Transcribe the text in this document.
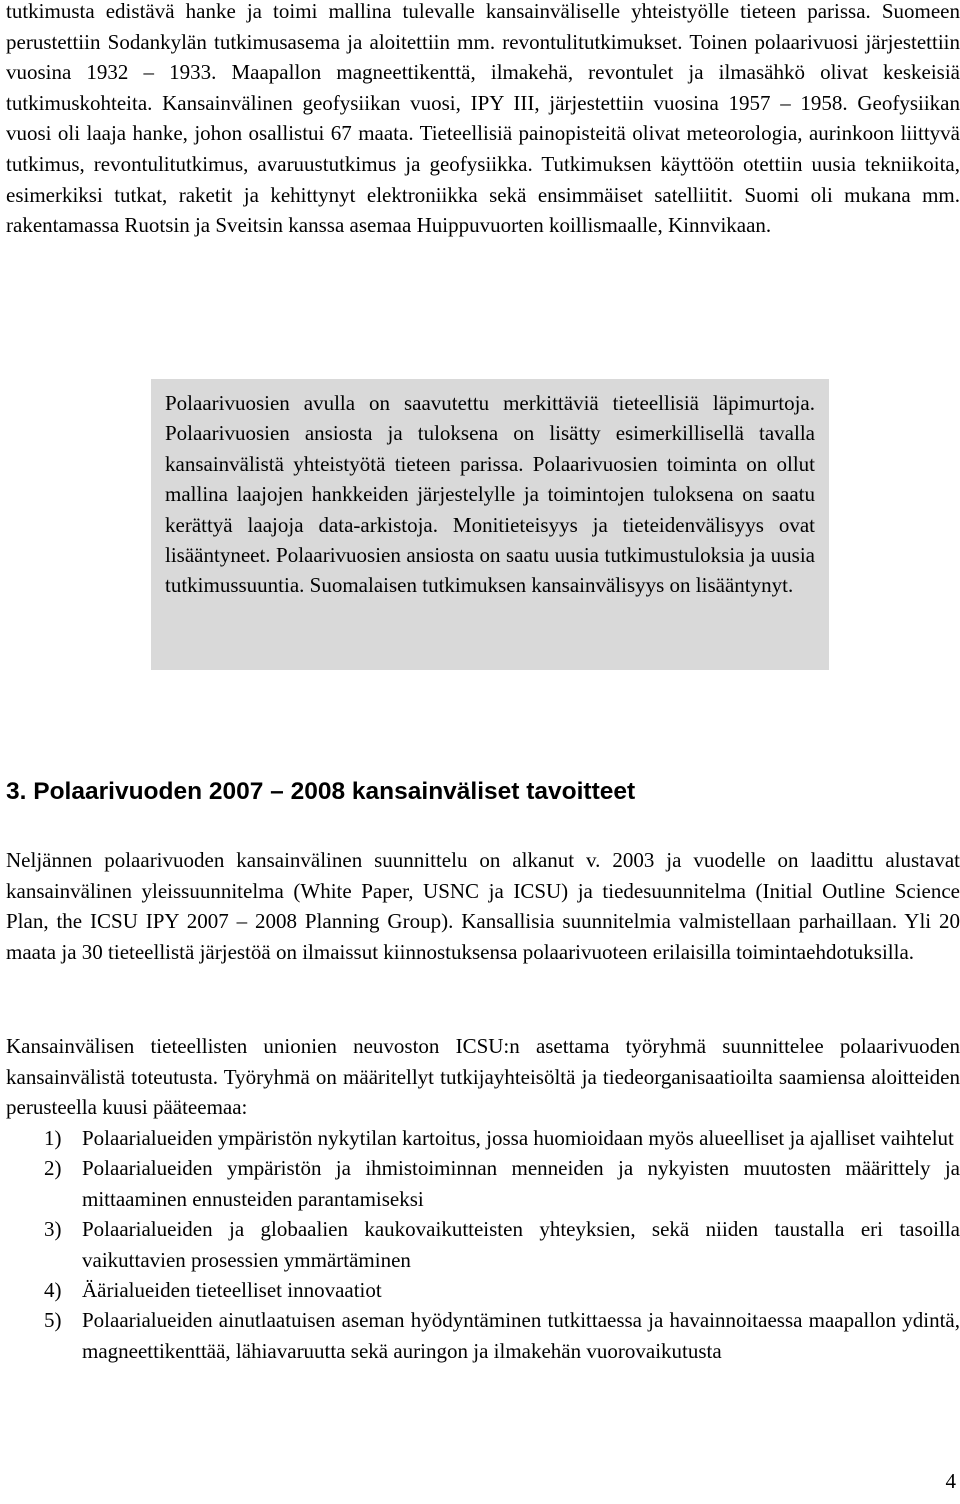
tutkimusta edistävä hanke ja toimi mallina tulevalle kansainväliselle yhteistyölle tieteen parissa. Suomeen perustettiin Sodankylän tutkimusasema ja aloitettiin mm. revontulitutkimukset. Toinen polaarivuosi järjestettiin vuosina 1932 – 1933. Maapallon magneettikenttä, ilmakehä, revontulet ja ilmasähkö olivat keskeisiä tutkimuskohteita. Kansainvälinen geofysiikan vuosi, IPY III, järjestettiin vuosina 1957 – 1958. Geofysiikan vuosi oli laaja hanke, johon osallistui 67 maata. Tieteellisiä painopisteitä olivat meteorologia, aurinkoon liittyvä tutkimus, revontulitutkimus, avaruustutkimus ja geofysiikka. Tutkimuksen käyttöön otettiin uusia tekniikoita, esimerkiksi tutkat, raketit ja kehittynyt elektroniikka sekä ensimmäiset satelliitit. Suomi oli mukana mm. rakentamassa Ruotsin ja Sveitsin kanssa asemaa Huippuvuorten koillismaalle, Kinnvikaan.

Polaarivuosien avulla on saavutettu merkittäviä tieteellisiä läpimurtoja. Polaarivuosien ansiosta ja tuloksena on lisätty esimerkillisellä tavalla kansainvälistä yhteistyötä tieteen parissa. Polaarivuosien toiminta on ollut mallina laajojen hankkeiden järjestelylle ja toimintojen tuloksena on saatu kerättyä laajoja data-arkistoja. Monitieteisyys ja tieteidenvälisyys ovat lisääntyneet. Polaarivuosien ansiosta on saatu uusia tutkimustuloksia ja uusia tutkimussuuntia. Suomalaisen tutkimuksen kansainvälisyys on lisääntynyt.

3. Polaarivuoden 2007 – 2008 kansainväliset tavoitteet

Neljännen polaarivuoden kansainvälinen suunnittelu on alkanut v. 2003 ja vuodelle on laadittu alustavat kansainvälinen yleissuunnitelma (White Paper, USNC ja ICSU) ja tiedesuunnitelma (Initial Outline Science Plan, the ICSU IPY 2007 – 2008 Planning Group). Kansallisia suunnitelmia valmistellaan parhaillaan. Yli 20 maata ja 30 tieteellistä järjestöä on ilmaissut kiinnostuksensa polaarivuoteen erilaisilla toimintaehdotuksilla.

Kansainvälisen tieteellisten unionien neuvoston ICSU:n asettama työryhmä suunnittelee polaarivuoden kansainvälistä toteutusta. Työryhmä on määritellyt tutkijayhteisöltä ja tiedeorganisaatioilta saamiensa aloitteiden perusteella kuusi pääteemaa:

1) Polaarialueiden ympäristön nykytilan kartoitus, jossa huomioidaan myös alueelliset ja ajalliset vaihtelut
2) Polaarialueiden ympäristön ja ihmistoiminnan menneiden ja nykyisten muutosten määrittely ja mittaaminen ennusteiden parantamiseksi
3) Polaarialueiden ja globaalien kaukovaikutteisten yhteyksien, sekä niiden taustalla eri tasoilla vaikuttavien prosessien ymmärtäminen
4) Äärialueiden tieteelliset innovaatiot
5) Polaarialueiden ainutlaatuisen aseman hyödyntäminen tutkittaessa ja havainnoitaessa maapallon ydintä, magneettikenttää, lähiavaruutta sekä auringon ja ilmakehän vuorovaikutusta
4
